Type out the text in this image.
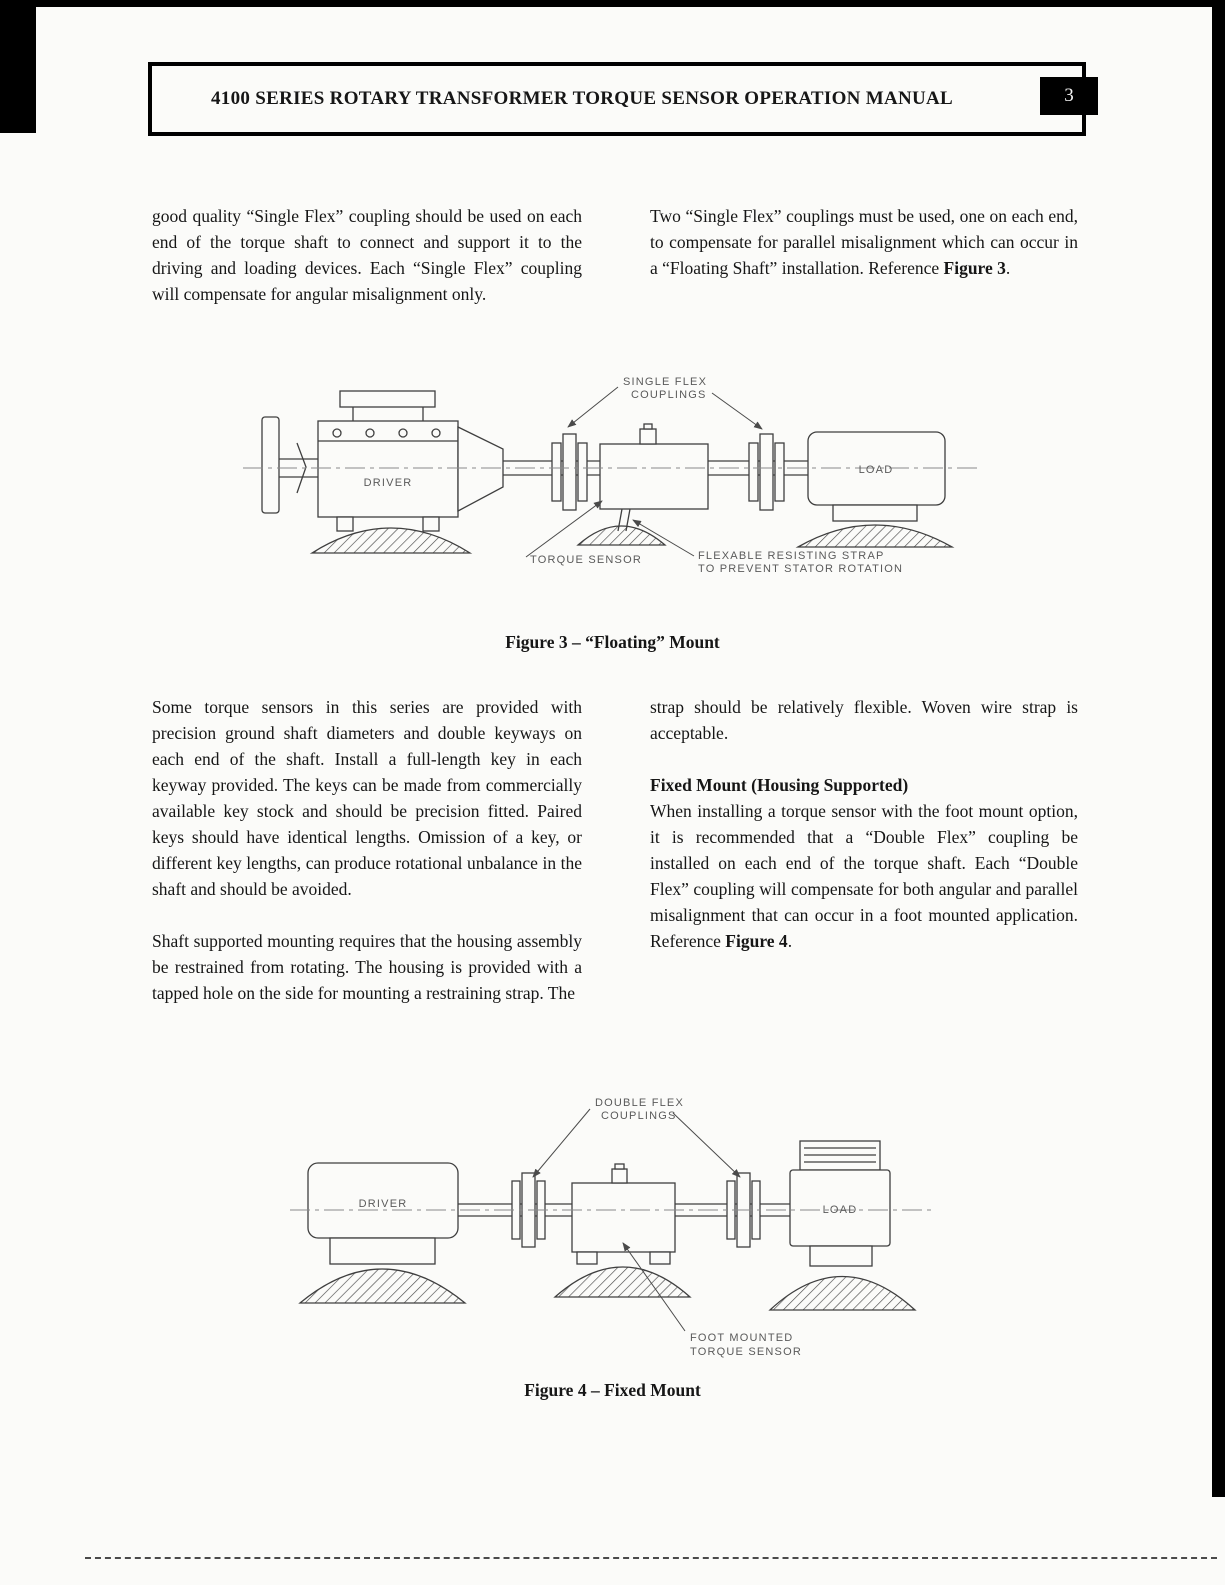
4100 SERIES ROTARY TRANSFORMER TORQUE SENSOR OPERATION MANUAL	3

good quality “Single Flex” coupling should be used on each end of the torque shaft to connect and support it to the driving and loading devices. Each “Single Flex” coupling will compensate for angular misalignment only.

Two “Single Flex” couplings must be used, one on each end, to compensate for parallel misalignment which can occur in a “Floating Shaft” installation. Reference Figure 3.

SINGLE FLEX
COUPLINGS
DRIVER
LOAD
TORQUE SENSOR	FLEXABLE RESISTING STRAP
TO PREVENT STATOR ROTATION
Figure 3 – “Floating” Mount

Some torque sensors in this series are provided with precision ground shaft diameters and double keyways on each end of the shaft. Install a full-length key in each keyway provided. The keys can be made from commercially available key stock and should be precision fitted. Paired keys should have identical lengths. Omission of a key, or different key lengths, can produce rotational unbalance in the shaft and should be avoided.

Shaft supported mounting requires that the housing assembly be restrained from rotating. The housing is provided with a tapped hole on the side for mounting a restraining strap. The

strap should be relatively flexible. Woven wire strap is acceptable.

Fixed Mount (Housing Supported)

When installing a torque sensor with the foot mount option, it is recommended that a “Double Flex” coupling be installed on each end of the torque shaft. Each “Double Flex” coupling will compensate for both angular and parallel misalignment that can occur in a foot mounted application. Reference Figure 4.

DOUBLE FLEX
COUPLINGS
DRIVER	LOAD
FOOT MOUNTED
TORQUE SENSOR
Figure 4 – Fixed Mount
